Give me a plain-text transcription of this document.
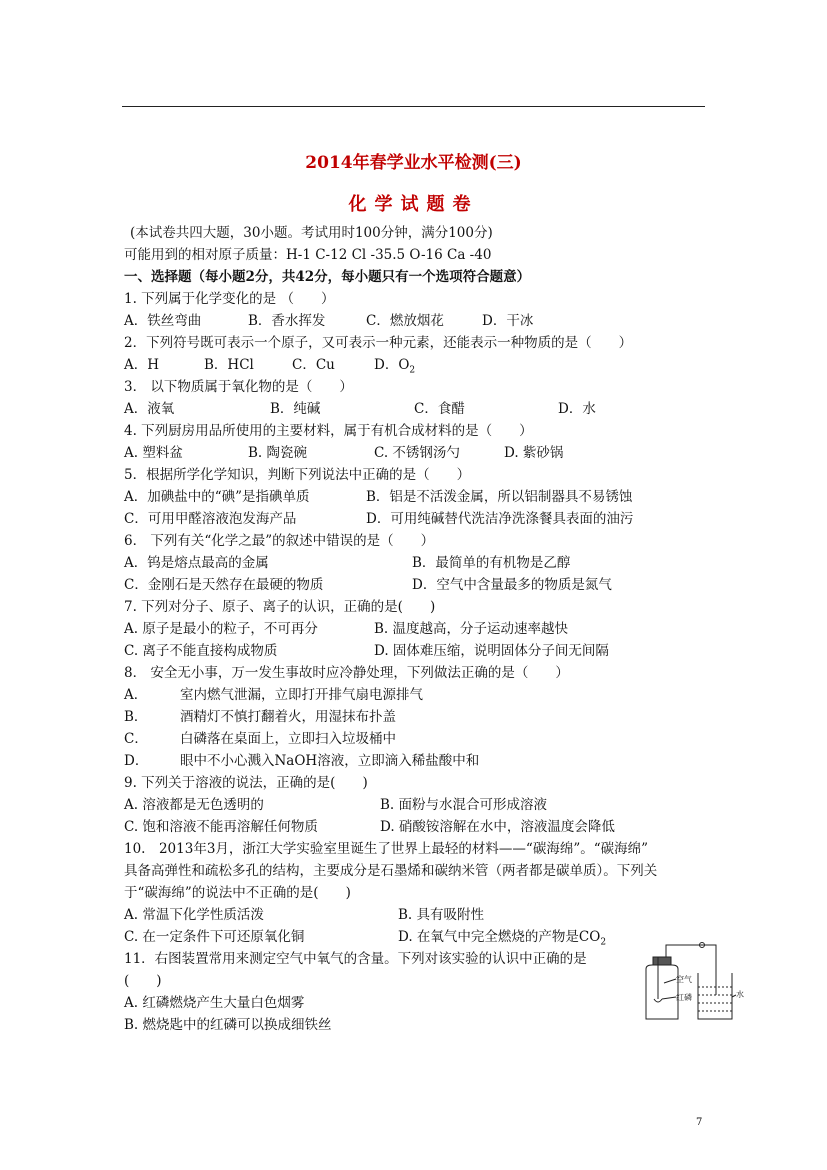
2014年春学业水平检测(三)
化学试题卷
(本试卷共四大题，30小题。考试用时100分钟，满分100分)
可能用到的相对原子质量：H-1 C-12 Cl -35.5 O-16 Ca -40
一、选择题（每小题2分，共42分，每小题只有一个选项符合题意）
1. 下列属于化学变化的是 （　　）
A．铁丝弯曲	B．香水挥发	C．燃放烟花	D．干冰
2．下列符号既可表示一个原子，又可表示一种元素，还能表示一种物质的是（　　）
A．H	B．HCl	C．Cu	D．$O_2$
3． 以下物质属于氧化物的是（　　）
A．液氧	B．纯碱	C．食醋	D．水
4. 下列厨房用品所使用的主要材料，属于有机合成材料的是（　　）
A. 塑料盆	B. 陶瓷碗	C. 不锈钢汤勺	D. 紫砂锅
5．根据所学化学知识，判断下列说法中正确的是（　　）
A．加碘盐中的“碘”是指碘单质	B．铝是不活泼金属，所以铝制器具不易锈蚀
C．可用甲醛溶液泡发海产品	D．可用纯碱替代洗洁净洗涤餐具表面的油污
6． 下列有关“化学之最”的叙述中错误的是（　　）
A．钨是熔点最高的金属	B．最简单的有机物是乙醇
C．金刚石是天然存在最硬的物质	D．空气中含量最多的物质是氮气
7. 下列对分子、原子、离子的认识，正确的是(　　)
A. 原子是最小的粒子，不可再分	B. 温度越高，分子运动速率越快
C. 离子不能直接构成物质	D. 固体难压缩，说明固体分子间无间隔
8． 安全无小事，万一发生事故时应冷静处理，下列做法正确的是（　　）
A． 室内燃气泄漏，立即打开排气扇电源排气
B． 酒精灯不慎打翻着火，用湿抹布扑盖
C． 白磷落在桌面上，立即扫入垃圾桶中
D． 眼中不小心溅入NaOH溶液，立即滴入稀盐酸中和
9. 下列关于溶液的说法，正确的是(　　)
A. 溶液都是无色透明的	B. 面粉与水混合可形成溶液
C. 饱和溶液不能再溶解任何物质	D. 硝酸铵溶解在水中，溶液温度会降低
10.　2013年3月，浙江大学实验室里诞生了世界上最轻的材料——“碳海绵”。“碳海绵”
具备高弹性和疏松多孔的结构，主要成分是石墨烯和碳纳米管（两者都是碳单质）。下列关
于“碳海绵”的说法中不正确的是(　　)
A. 常温下化学性质活泼	B. 具有吸附性
C. 在一定条件下可还原氧化铜	D. 在氧气中完全燃烧的产物是$CO_2$
11．右图装置常用来测定空气中氧气的含量。下列对该实验的认识中正确的是
(　　)
A. 红磷燃烧产生大量白色烟雾
B. 燃烧匙中的红磷可以换成细铁丝
空气
红磷	水
7
